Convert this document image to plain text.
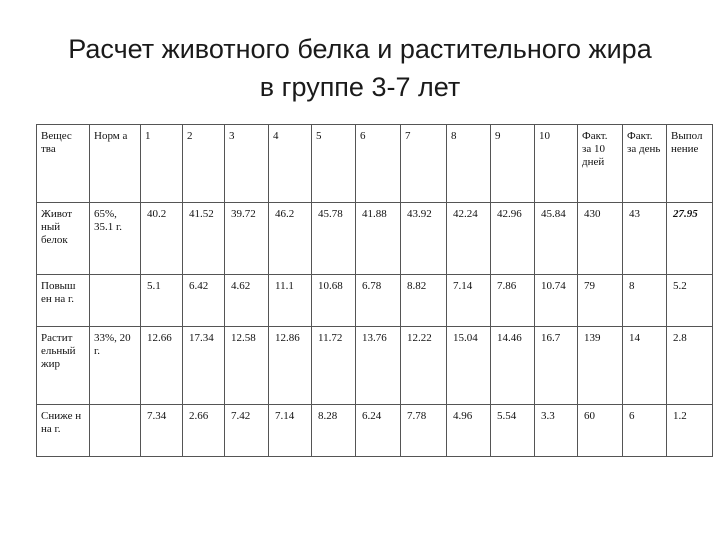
Расчет животного белка и растительного жира
в группе 3-7 лет
Вещес тва	Норм а	1	2	3	4	5	6	7	8	9	10	Факт. за 10 дней	Факт. за день	Выпол нение
Живот ный белок	65%, 35.1 г.	40.2	41.52	39.72	46.2	45.78	41.88	43.92	42.24	42.96	45.84	430	43	27.95
Повыш ен на г.		5.1	6.42	4.62	11.1	10.68	6.78	8.82	7.14	7.86	10.74	79	8	5.2
Растит ельный жир	33%, 20 г.	12.66	17.34	12.58	12.86	11.72	13.76	12.22	15.04	14.46	16.7	139	14	2.8
Сниже н на г.		7.34	2.66	7.42	7.14	8.28	6.24	7.78	4.96	5.54	3.3	60	6	1.2
